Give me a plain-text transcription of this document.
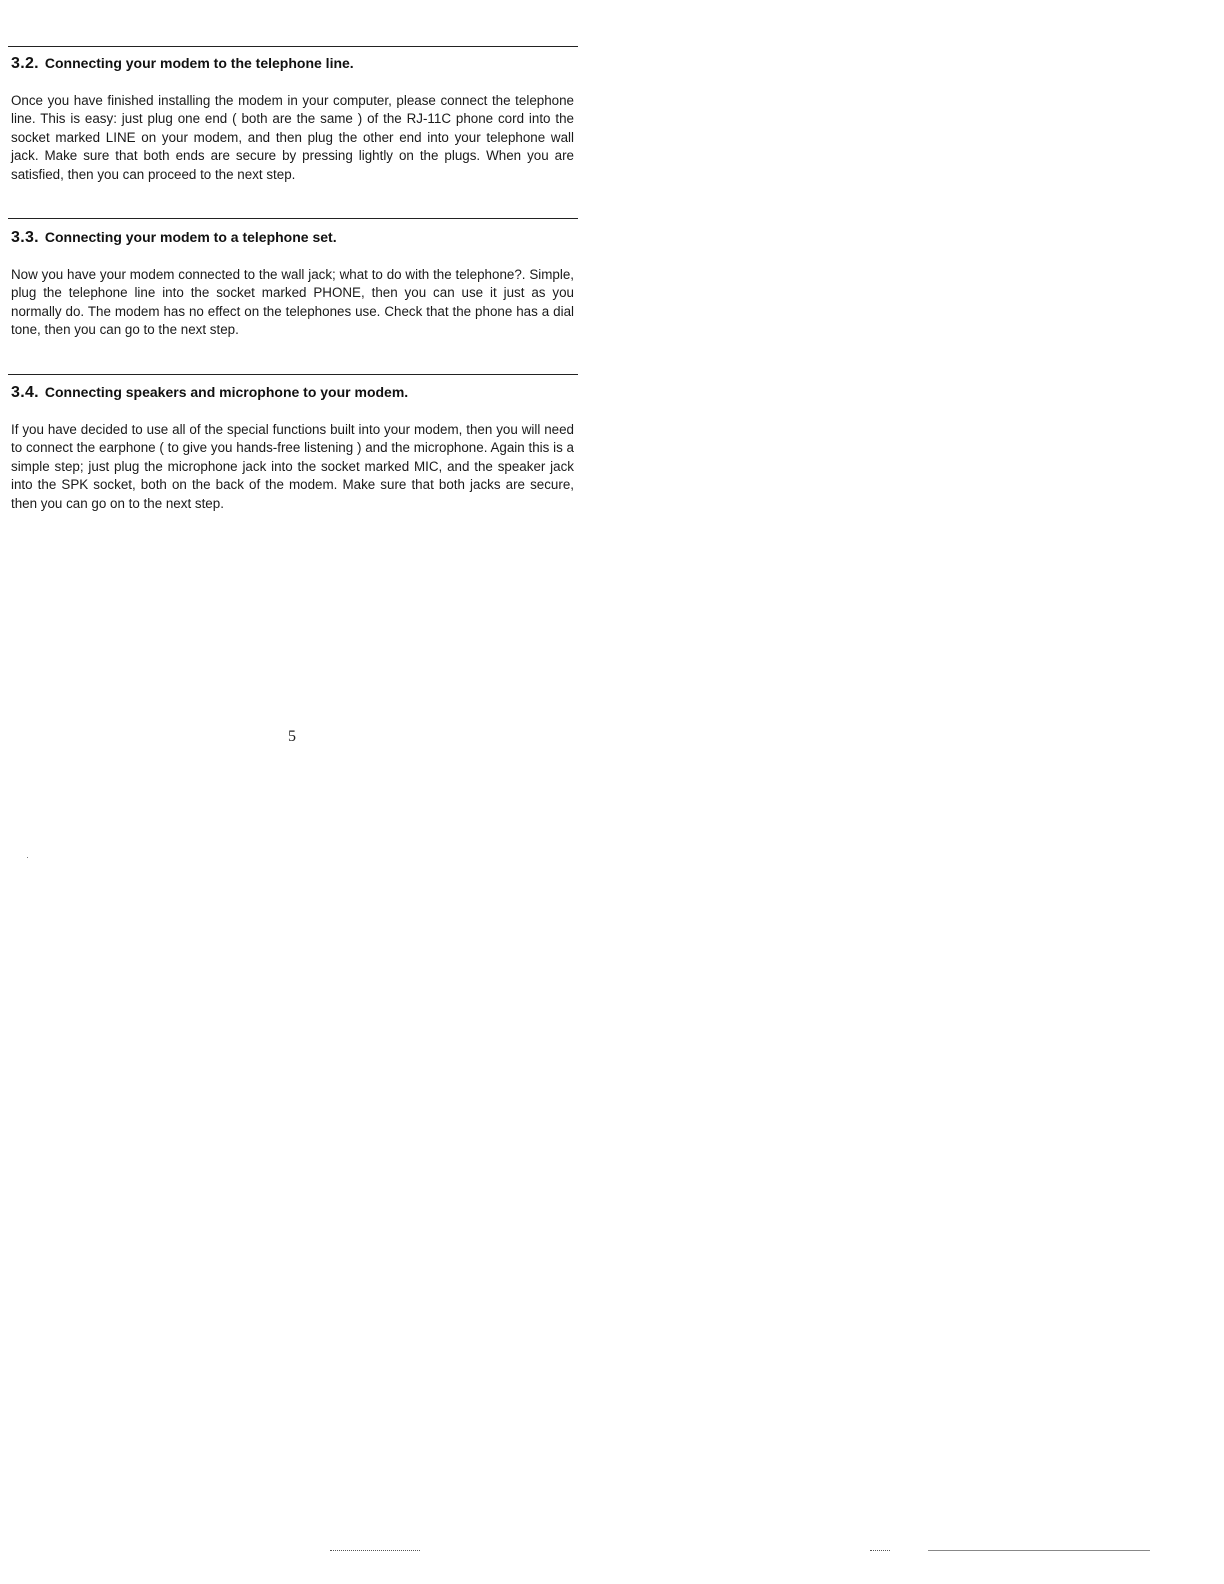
3.2. Connecting your modem to the telephone line.

Once you have finished installing the modem in your computer, please connect the telephone line. This is easy: just plug one end ( both are the same ) of the RJ-11C phone cord into the socket marked LINE on your modem, and then plug the other end into your telephone wall jack. Make sure that both ends are secure by pressing lightly on the plugs. When you are satisfied, then you can proceed to the next step.

3.3. Connecting your modem to a telephone set.

Now you have your modem connected to the wall jack; what to do with the telephone?. Simple, plug the telephone line into the socket marked PHONE, then you can use it just as you normally do. The modem has no effect on the telephones use. Check that the phone has a dial tone, then you can go to the next step.

3.4. Connecting speakers and microphone to your modem.

If you have decided to use all of the special functions built into your modem, then you will need to connect the earphone ( to give you hands-free listening ) and the microphone. Again this is a simple step; just plug the microphone jack into the socket marked MIC, and the speaker jack into the SPK socket, both on the back of the modem. Make sure that both jacks are secure, then you can go on to the next step.

5
